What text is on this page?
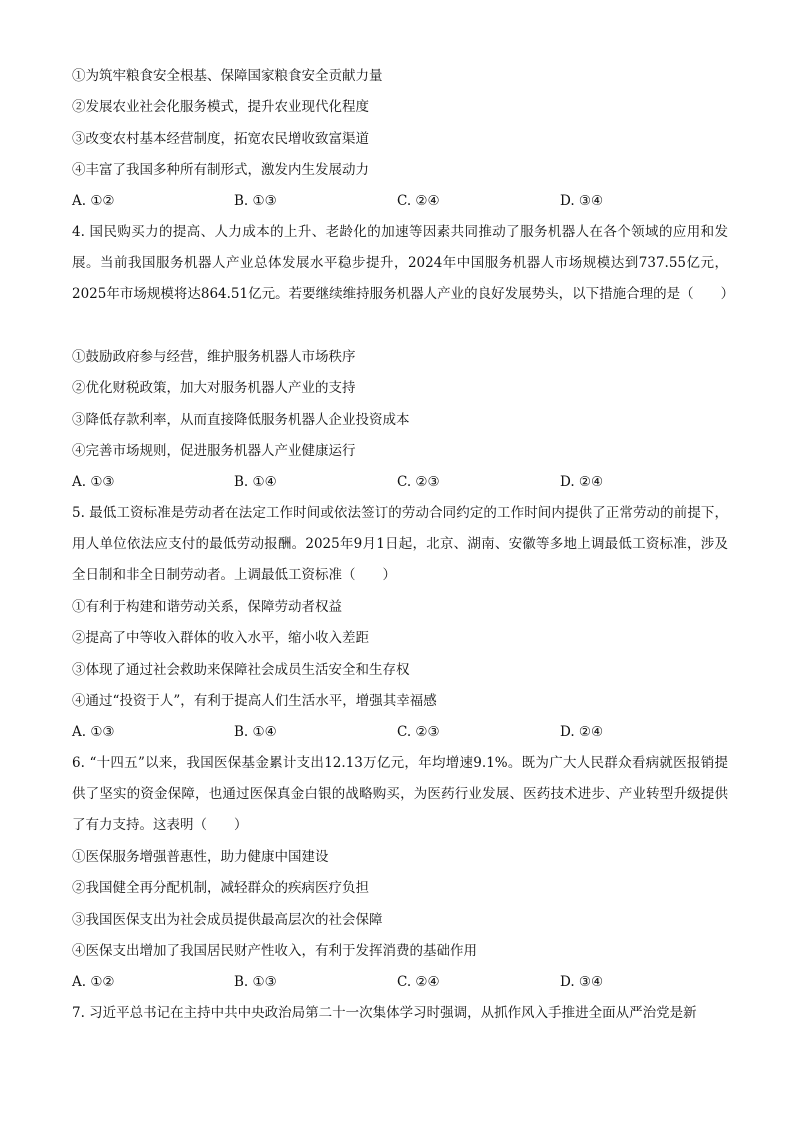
①为筑牢粮食安全根基、保障国家粮食安全贡献力量
②发展农业社会化服务模式，提升农业现代化程度
③改变农村基本经营制度，拓宽农民增收致富渠道
④丰富了我国多种所有制形式，激发内生发展动力
A. ①②	B. ①③	C. ②④	D. ③④
4. 国民购买力的提高、人力成本的上升、老龄化的加速等因素共同推动了服务机器人在各个领域的应用和发展。当前我国服务机器人产业总体发展水平稳步提升，2024年中国服务机器人市场规模达到737.55亿元，2025年市场规模将达864.51亿元。若要继续维持服务机器人产业的良好发展势头，以下措施合理的是（　　）
①鼓励政府参与经营，维护服务机器人市场秩序
②优化财税政策，加大对服务机器人产业的支持
③降低存款利率，从而直接降低服务机器人企业投资成本
④完善市场规则，促进服务机器人产业健康运行
A. ①③	B. ①④	C. ②③	D. ②④
5. 最低工资标准是劳动者在法定工作时间或依法签订的劳动合同约定的工作时间内提供了正常劳动的前提下，用人单位依法应支付的最低劳动报酬。2025年9月1日起，北京、湖南、安徽等多地上调最低工资标准，涉及全日制和非全日制劳动者。上调最低工资标准（　　）
①有利于构建和谐劳动关系，保障劳动者权益
②提高了中等收入群体的收入水平，缩小收入差距
③体现了通过社会救助来保障社会成员生活安全和生存权
④通过“投资于人”，有利于提高人们生活水平，增强其幸福感
A. ①③	B. ①④	C. ②③	D. ②④
6. “十四五”以来，我国医保基金累计支出12.13万亿元，年均增速9.1%。既为广大人民群众看病就医报销提供了坚实的资金保障，也通过医保真金白银的战略购买，为医药行业发展、医药技术进步、产业转型升级提供了有力支持。这表明（　　）
①医保服务增强普惠性，助力健康中国建设
②我国健全再分配机制，减轻群众的疾病医疗负担
③我国医保支出为社会成员提供最高层次的社会保障
④医保支出增加了我国居民财产性收入，有利于发挥消费的基础作用
A. ①②	B. ①③	C. ②④	D. ③④
7. 习近平总书记在主持中共中央政治局第二十一次集体学习时强调，从抓作风入手推进全面从严治党是新
